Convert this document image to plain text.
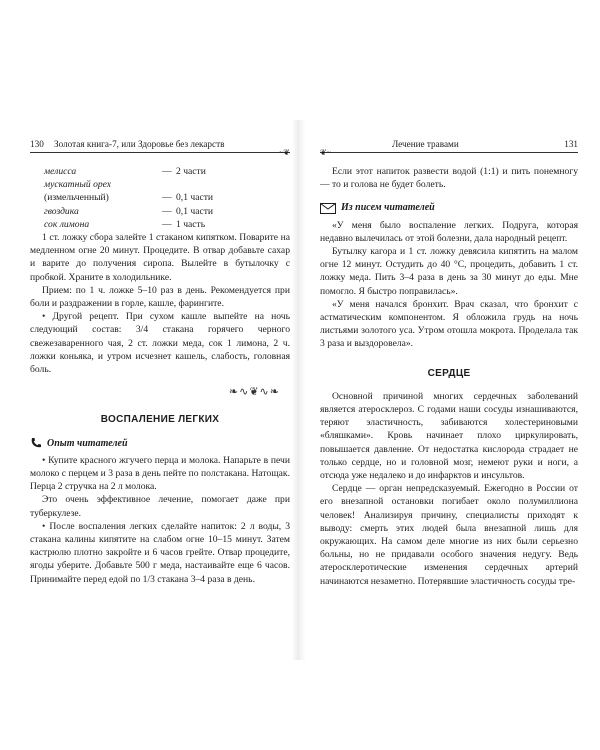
130 Золотая книга-7, или Здоровье без лекарств
~❦
мелисса	—	2 части
мускатный орех		
(измельченный)	—	0,1 части
гвоздика	—	0,1 части
сок лимона	—	1 часть

1 ст. ложку сбора залейте 1 стаканом кипятком. Поварите на медленном огне 20 минут. Процедите. В отвар добавьте сахар и варите до получения сиропа. Вылейте в бутылочку с пробкой. Храните в холодильнике.

Прием: по 1 ч. ложке 5–10 раз в день. Рекомендуется при боли и раздражении в горле, кашле, фарингите.

• Другой рецепт. При сухом кашле выпейте на ночь следующий состав: 3/4 стакана горячего черного свежезаваренного чая, 2 ст. ложки меда, сок 1 лимона, 2 ч. ложки коньяка, и утром исчезнет кашель, слабость, головная боль.

❧∿❦∿❧
ВОСПАЛЕНИЕ ЛЕГКИХ
Опыт читателей

• Купите красного жгучего перца и молока. Напарьте в печи молоко с перцем и 3 раза в день пейте по полстакана. Натощак. Перца 2 стручка на 2 л молока.

Это очень эффективное лечение, помогает даже при туберкулезе.

• После воспаления легких сделайте напиток: 2 л воды, 3 стакана калины кипятите на слабом огне 10–15 минут. Затем кастрюлю плотно закройте и 6 часов грейте. Отвар процедите, ягоды уберите. Добавьте 500 г меда, настаивайте еще 6 часов. Принимайте перед едой по 1/3 стакана 3–4 раза в день.

❦~
Лечение травами	131

Если этот напиток развести водой (1:1) и пить понемногу — то и голова не будет болеть.

Из писем читателей

«У меня было воспаление легких. Подруга, которая недавно вылечилась от этой болезни, дала народный рецепт.

Бутылку кагора и 1 ст. ложку девясила кипятить на малом огне 12 минут. Остудить до 40 °С, процедить, добавить 1 ст. ложку меда. Пить 3–4 раза в день за 30 минут до еды. Мне помогло. Я быстро поправилась».

«У меня начался бронхит. Врач сказал, что бронхит с астматическим компонентом. Я обложила грудь на ночь листьями золотого уса. Утром отошла мокрота. Проделала так 3 раза и выздоровела».

СЕРДЦЕ

Основной причиной многих сердечных заболеваний является атеросклероз. С годами наши сосуды изнашиваются, теряют эластичность, забиваются холестериновыми «бляшками». Кровь начинает плохо циркулировать, повышается давление. От недостатка кислорода страдает не только сердце, но и головной мозг, немеют руки и ноги, а отсюда уже недалеко и до инфарктов и инсультов.

Сердце — орган непредсказуемый. Ежегодно в России от его внезапной остановки погибает около полумиллиона человек! Анализируя причину, специалисты приходят к выводу: смерть этих людей была внезапной лишь для окружающих. На самом деле многие из них были серьезно больны, но не придавали особого значения недугу. Ведь атеросклеротические изменения сердечных артерий начинаются незаметно. Потерявшие эластичность сосуды тре-
